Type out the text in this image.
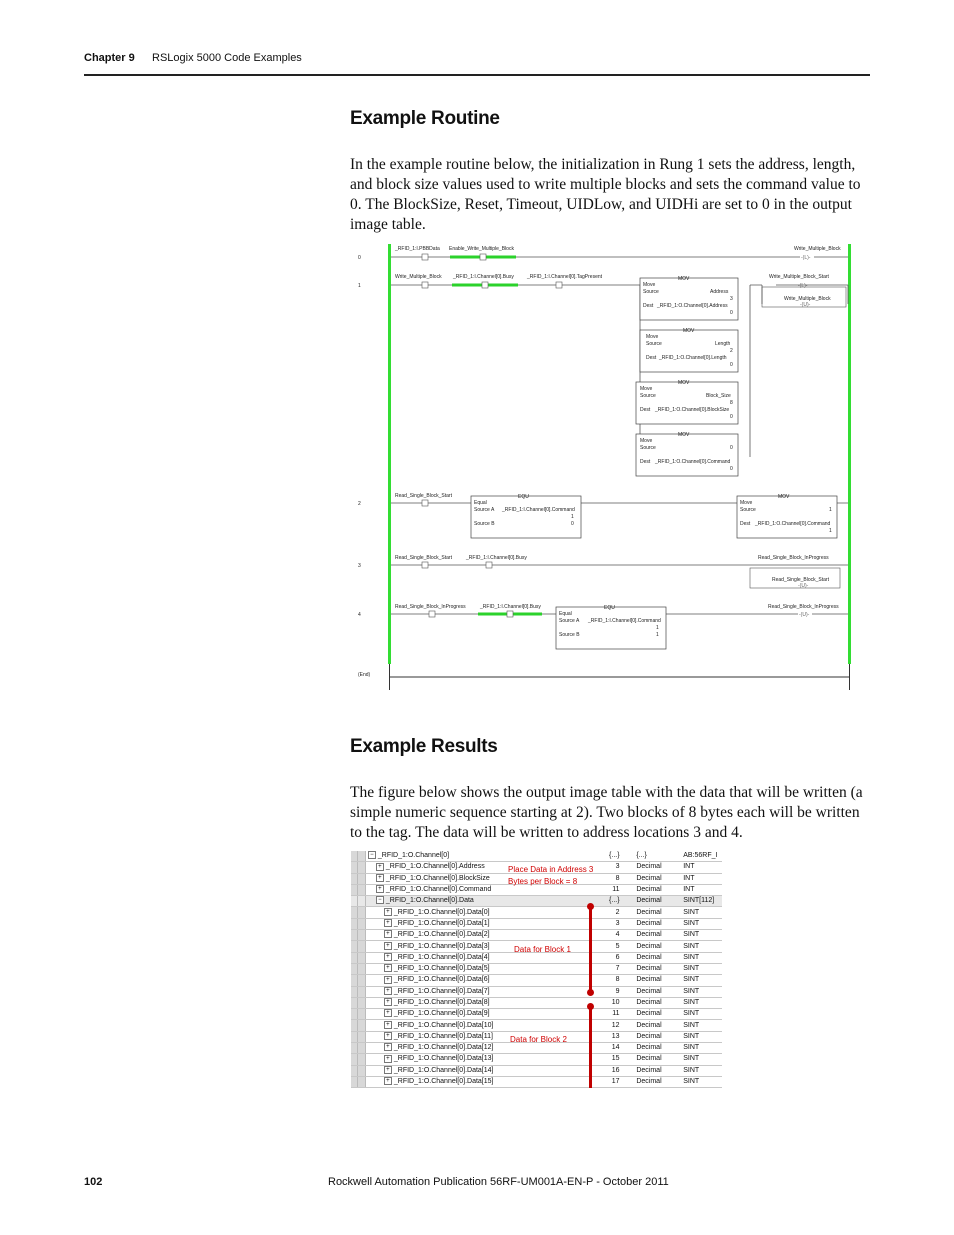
Chapter 9 RSLogix 5000 Code Examples
Example Routine
In the example routine below, the initialization in Rung 1 sets the address, length, and block size values used to write multiple blocks and sets the command value to 0. The BlockSize, Reset, Timeout, UIDLow, and UIDHi are set to 0 in the output image table.
0
_RFID_1:I.PBBData Enable_Write_Multiple_Block	Write_Multiple_Block
-(L)-
1
Write_Multiple_Block _RFID_1:I.Channel[0].Busy	_RFID_1:I.Channel[0].TagPresent	Write_Multiple_Block_Start
-(L)-
Write_Multiple_Block
-(U)-
MOV
Move
Source	Address
3
Dest _RFID_1:O.Channel[0].Address
0
MOV
Move
Source	Length
2
Dest _RFID_1:O.Channel[0].Length
0
MOV
Move
Source	Block_Size
8
Dest _RFID_1:O.Channel[0].BlockSize
0
MOV
Move
Source	0
Dest _RFID_1:O.Channel[0].Command
0
2
Read_Single_Block_Start	EQU
Equal
Source A _RFID_1:I.Channel[0].Command
1
Source B	0
MOV
Move
Source	1
Dest _RFID_1:O.Channel[0].Command
1
3
Read_Single_Block_Start	_RFID_1:I.Channel[0].Busy	Read_Single_Block_InProgress
Read_Single_Block_Start
-(U)-
4
Read_Single_Block_InProgress	_RFID_1:I.Channel[0].Busy	EQU
Equal
Source A _RFID_1:I.Channel[0].Command
1
Source B	1
Read_Single_Block_InProgress
-(U)-
(End)
Example Results
The figure below shows the output image table with the data that will be written (a simple numeric sequence starting at 2). Two blocks of 8 bytes each will be written to the tag. The data will be written to address locations 3 and 4.
		− _RFID_1:O.Channel[0]		{...}		{...}	AB:56RF_I
		+ _RFID_1:O.Channel[0].Address		3		Decimal	INT
		+ _RFID_1:O.Channel[0].BlockSize		8		Decimal	INT
		+ _RFID_1:O.Channel[0].Command		11		Decimal	INT
		− _RFID_1:O.Channel[0].Data		{...}		Decimal	SINT[112]
		+ _RFID_1:O.Channel[0].Data[0]		2		Decimal	SINT
		+ _RFID_1:O.Channel[0].Data[1]		3		Decimal	SINT
		+ _RFID_1:O.Channel[0].Data[2]		4		Decimal	SINT
		+ _RFID_1:O.Channel[0].Data[3]		5		Decimal	SINT
		+ _RFID_1:O.Channel[0].Data[4]		6		Decimal	SINT
		+ _RFID_1:O.Channel[0].Data[5]		7		Decimal	SINT
		+ _RFID_1:O.Channel[0].Data[6]		8		Decimal	SINT
		+ _RFID_1:O.Channel[0].Data[7]		9		Decimal	SINT
		+ _RFID_1:O.Channel[0].Data[8]		10		Decimal	SINT
		+ _RFID_1:O.Channel[0].Data[9]		11		Decimal	SINT
		+ _RFID_1:O.Channel[0].Data[10]		12		Decimal	SINT
		+ _RFID_1:O.Channel[0].Data[11]		13		Decimal	SINT
		+ _RFID_1:O.Channel[0].Data[12]		14		Decimal	SINT
		+ _RFID_1:O.Channel[0].Data[13]		15		Decimal	SINT
		+ _RFID_1:O.Channel[0].Data[14]		16		Decimal	SINT
		+ _RFID_1:O.Channel[0].Data[15]		17		Decimal	SINT
Place Data in Address 3
Bytes per Block = 8
Data for Block 1
Data for Block 2
102	Rockwell Automation Publication 56RF-UM001A-EN-P - October 2011
